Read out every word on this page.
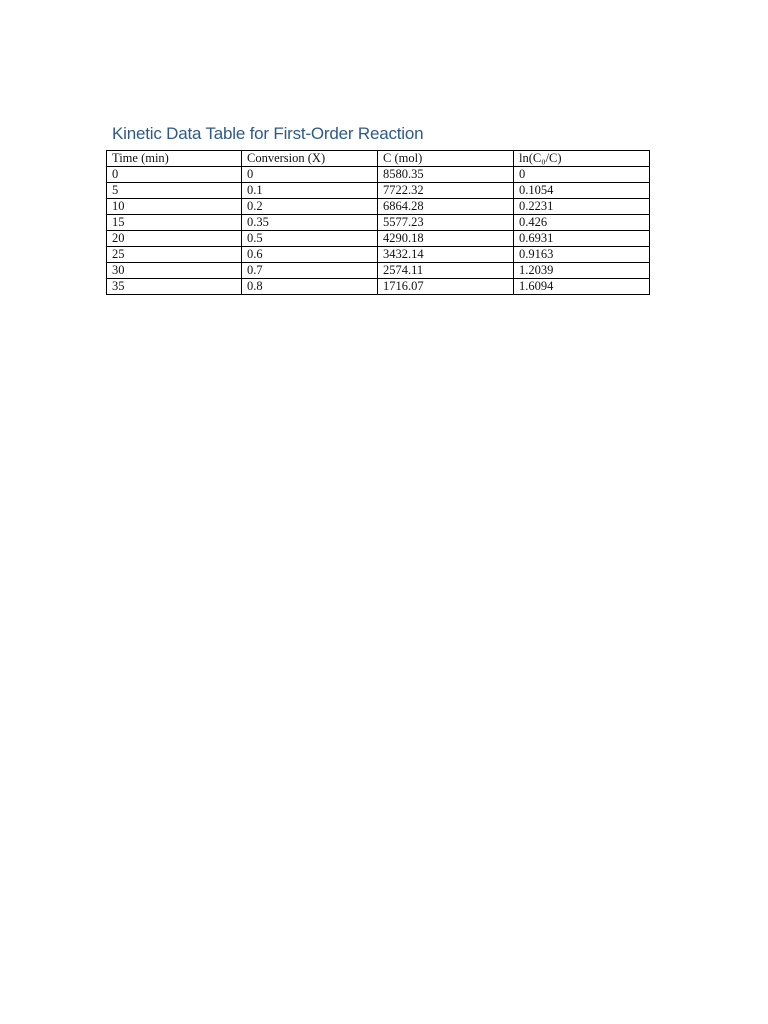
Kinetic Data Table for First-Order Reaction
Time (min)	Conversion (X)	C (mol)	ln(C₀/C)
0	0	8580.35	0
5	0.1	7722.32	0.1054
10	0.2	6864.28	0.2231
15	0.35	5577.23	0.426
20	0.5	4290.18	0.6931
25	0.6	3432.14	0.9163
30	0.7	2574.11	1.2039
35	0.8	1716.07	1.6094
